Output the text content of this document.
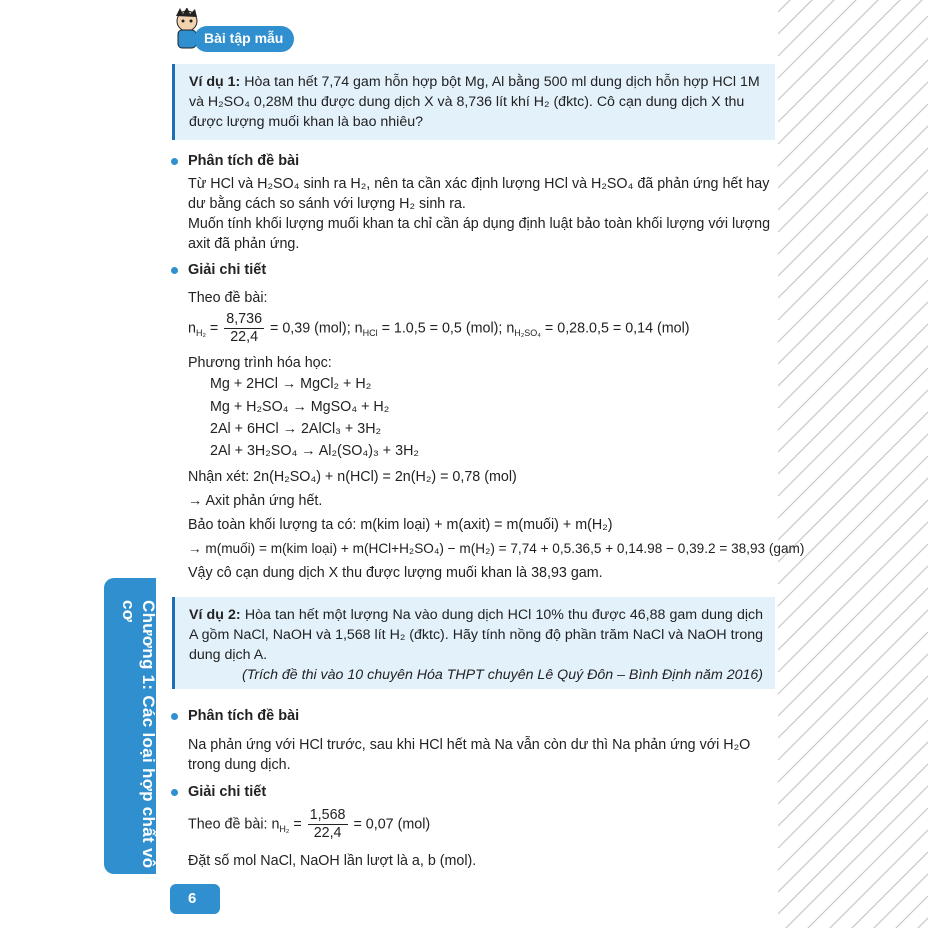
Bài tập mẫu

Ví dụ 1: Hòa tan hết 7,74 gam hỗn hợp bột Mg, Al bằng 500 ml dung dịch hỗn hợp HCl 1M và H₂SO₄ 0,28M thu được dung dịch X và 8,736 lít khí H₂ (đktc). Cô cạn dung dịch X thu được lượng muối khan là bao nhiêu?

Phân tích đề bài

Từ HCl và H₂SO₄ sinh ra H₂, nên ta cần xác định lượng HCl và H₂SO₄ đã phản ứng hết hay dư bằng cách so sánh với lượng H₂ sinh ra.

Muốn tính khối lượng muối khan ta chỉ cần áp dụng định luật bảo toàn khối lượng với lượng axit đã phản ứng.

Giải chi tiết
Theo đề bài:
$n_{H_2} = \frac{8,736}{22,4} = 0,39$ (mol); $n_{HCl} = 1.0,5 = 0,5$ (mol); $n_{H_2SO_4} = 0,28.0,5 = 0,14$ (mol)
Phương trình hóa học:
Mg + 2HCl → MgCl₂ + H₂
Mg + H₂SO₄ → MgSO₄ + H₂
2Al + 6HCl → 2AlCl₃ + 3H₂
2Al + 3H₂SO₄ → Al₂(SO₄)₃ + 3H₂
Nhận xét: 2n(H₂SO₄) + n(HCl) = 2n(H₂) = 0,78 (mol)
→ Axit phản ứng hết.
Bảo toàn khối lượng ta có: m(kim loại) + m(axit) = m(muối) + m(H₂)
→ m(muối) = m(kim loại) + m(HCl+H₂SO₄) − m(H₂) = 7,74 + 0,5.36,5 + 0,14.98 − 0,39.2 = 38,93 (gam)
Vậy cô cạn dung dịch X thu được lượng muối khan là 38,93 gam.

Ví dụ 2: Hòa tan hết một lượng Na vào dung dịch HCl 10% thu được 46,88 gam dung dịch A gồm NaCl, NaOH và 1,568 lít H₂ (đktc). Hãy tính nồng độ phần trăm NaCl và NaOH trong dung dịch A.

(Trích đề thi vào 10 chuyên Hóa THPT chuyên Lê Quý Đôn – Bình Định năm 2016)

Phân tích đề bài
Na phản ứng với HCl trước, sau khi HCl hết mà Na vẫn còn dư thì Na phản ứng với H₂O trong dung dịch.
Giải chi tiết
Theo đề bài: $n_{H_2} = \frac{1,568}{22,4} = 0,07$ (mol)
Đặt số mol NaCl, NaOH lần lượt là a, b (mol).
Chương 1: Các loại hợp chất vô cơ
6
